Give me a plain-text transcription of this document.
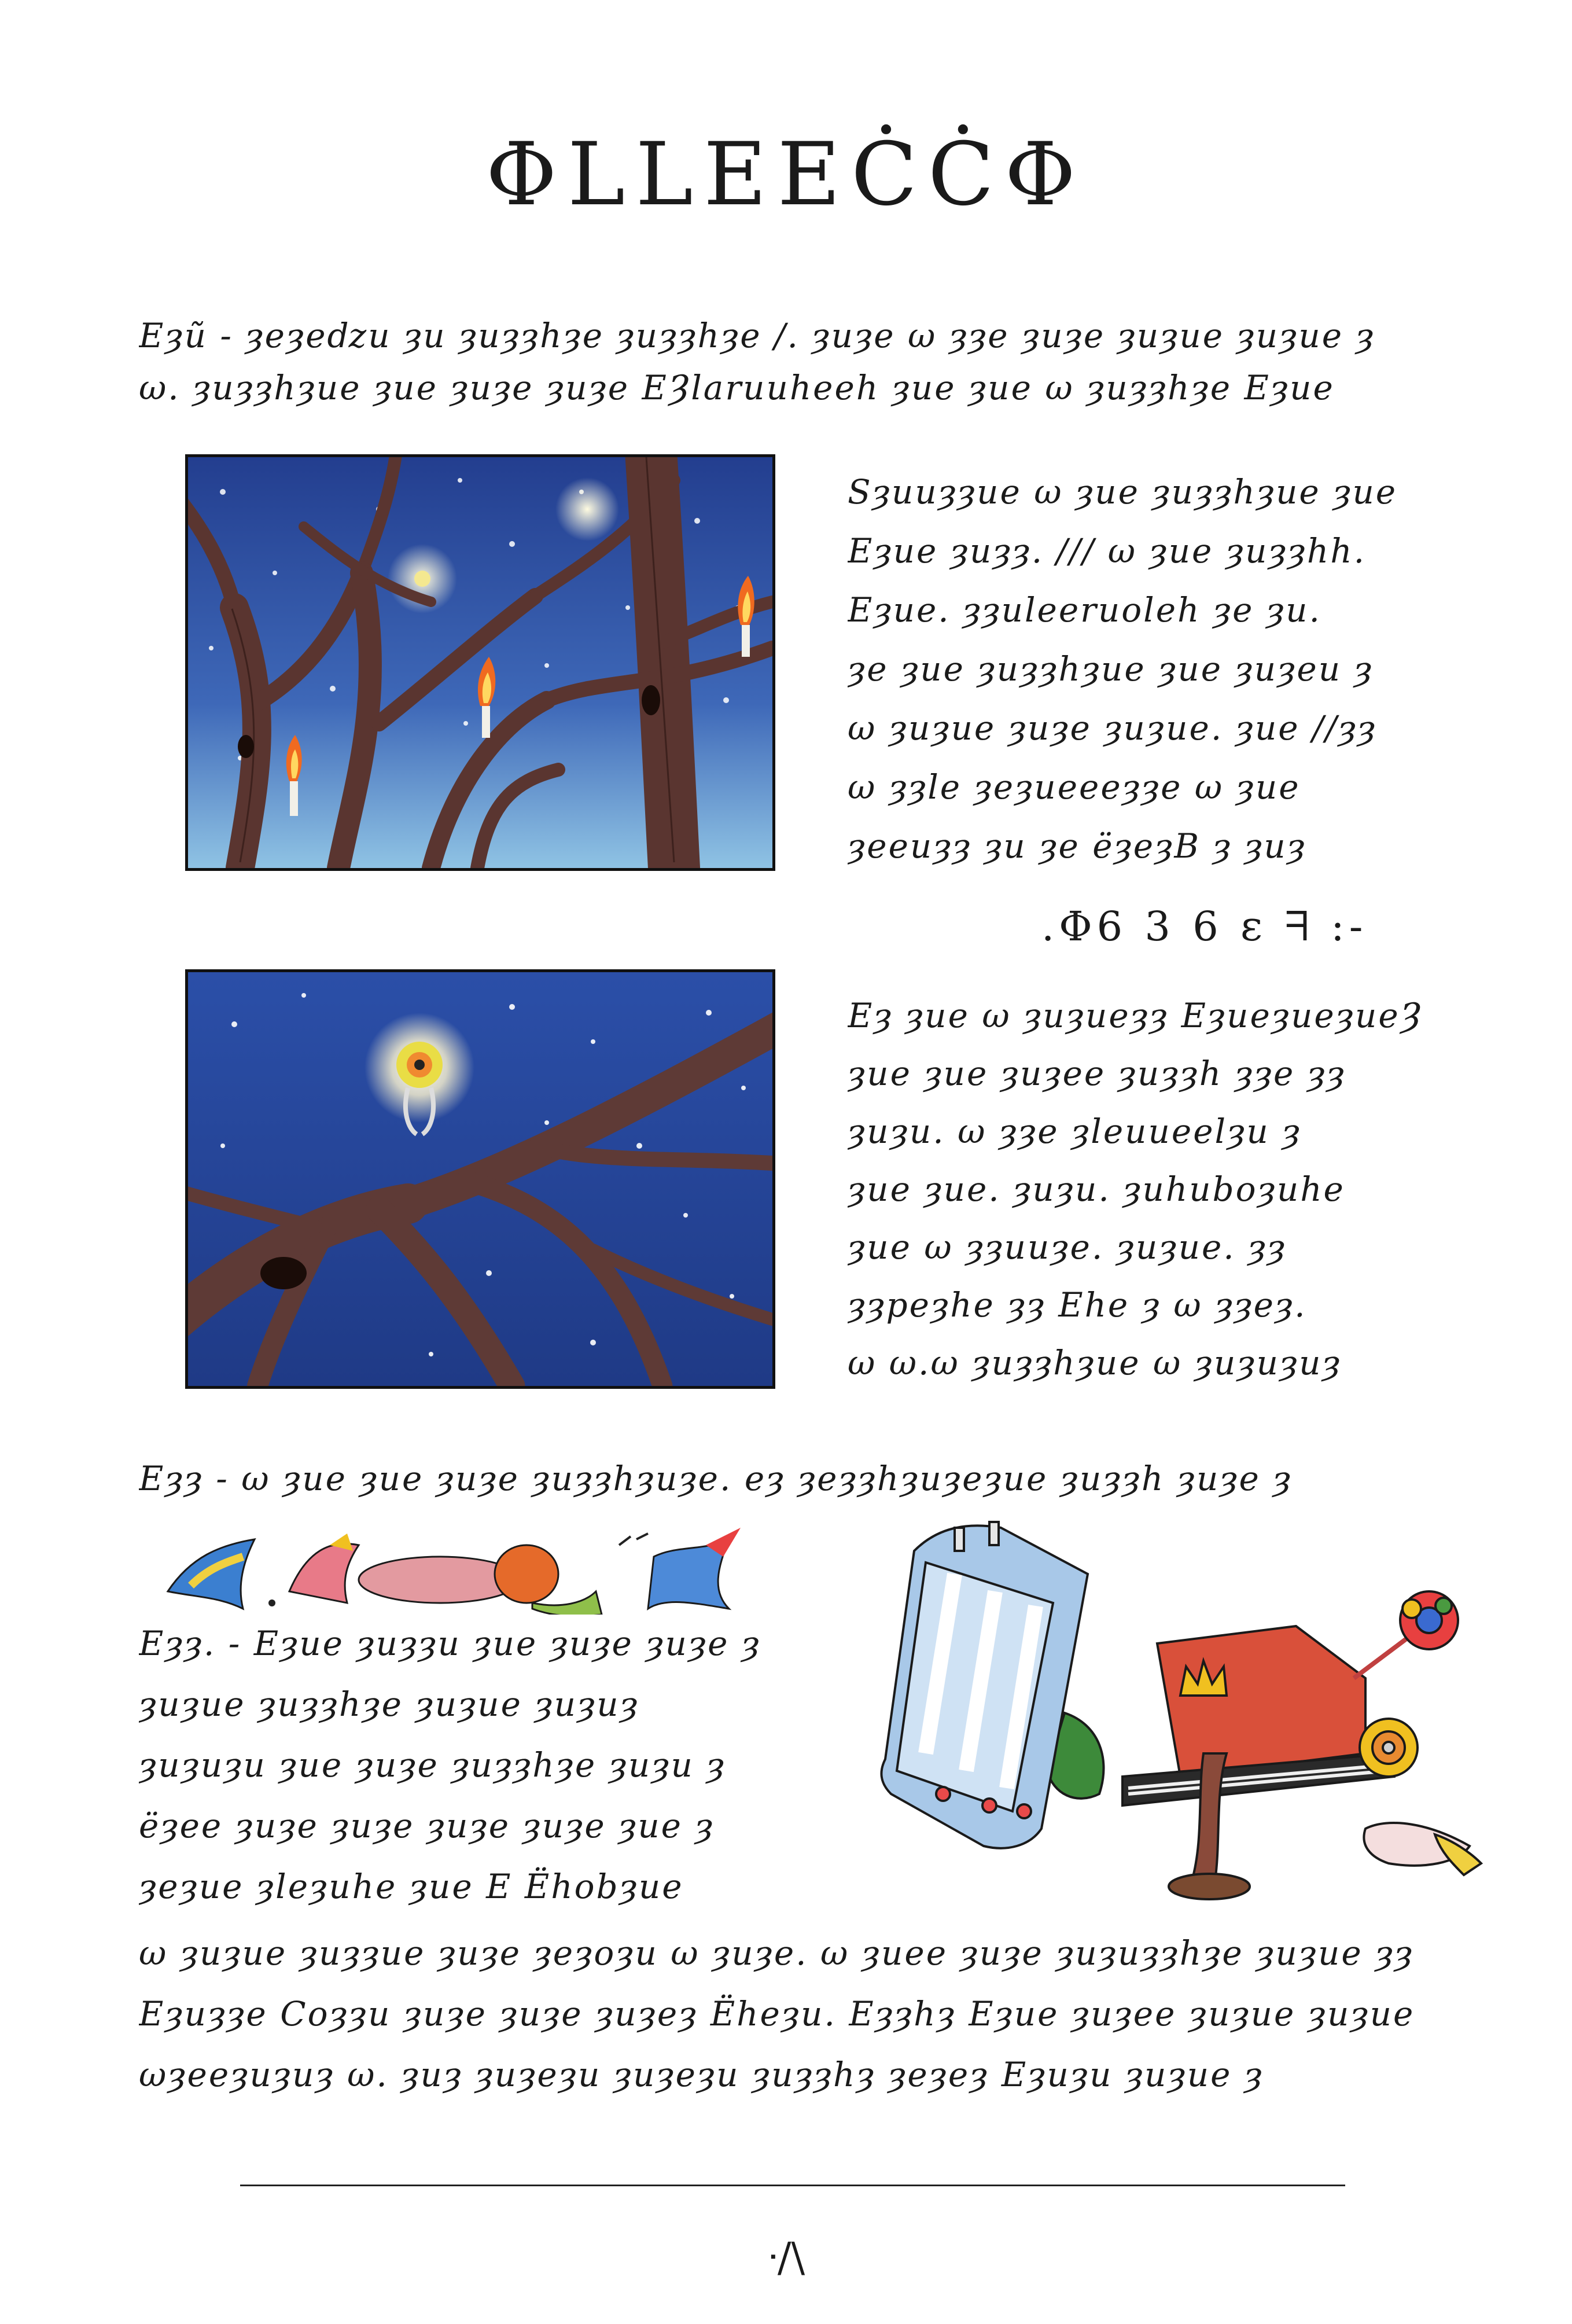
ΦLLEEĊĊΦ
Eȝũ - ȝeȝeǳu ȝu ȝuȝȝhȝe ȝuȝȝhȝe /. ȝuȝe ω ȝȝe ȝuȝe ȝuȝue ȝuȝue ȝ
ω. ȝuȝȝhȝue ȝue ȝuȝe ȝuȝe EȜlaruuheeh ȝue ȝue ω ȝuȝȝhȝe Eȝue
Sȝuuȝȝue ω ȝue ȝuȝȝhȝue ȝue
Eȝue ȝuȝȝ. /// ω ȝue ȝuȝȝhh.
Eȝue. ȝȝuleeruoleh ȝe ȝu.
ȝe ȝue ȝuȝȝhȝue ȝue ȝuȝeu ȝ
ω ȝuȝue ȝuȝe ȝuȝue. ȝue //ȝȝ
ω ȝȝle ȝeȝueeeȝȝe ω ȝue
ȝeeuȝȝ ȝu ȝe ëȝeȝB ȝ ȝuȝ
.Φ6 3 6 ԑ ᖷ :-
Eȝ ȝue ω ȝuȝueȝȝ EȝueȝueȝueȜ
ȝue ȝue ȝuȝee ȝuȝȝh ȝȝe ȝȝ
ȝuȝu. ω ȝȝe ȝleuueelȝu ȝ
ȝue ȝue. ȝuȝu. ȝuhuboȝuhe
ȝue ω ȝȝuuȝe. ȝuȝue. ȝȝ
ȝȝpeȝhe ȝȝ Ehe ȝ ω ȝȝeȝ.
ω ω.ω ȝuȝȝhȝue ω ȝuȝuȝuȝ
Eȝȝ - ω ȝue ȝue ȝuȝe ȝuȝȝhȝuȝe. eȝ ȝeȝȝhȝuȝeȝue ȝuȝȝh ȝuȝe ȝ
Eȝȝ. - Eȝue ȝuȝȝu ȝue ȝuȝe ȝuȝe ȝ
ȝuȝue ȝuȝȝhȝe ȝuȝue ȝuȝuȝ
ȝuȝuȝu ȝue ȝuȝe ȝuȝȝhȝe ȝuȝu ȝ
ëȝee ȝuȝe ȝuȝe ȝuȝe ȝuȝe ȝue ȝ
ȝeȝue ȝleȝuhe ȝue E Ëhobȝue
ω ȝuȝue ȝuȝȝue ȝuȝe ȝeȝoȝu ω ȝuȝe. ω ȝuee ȝuȝe ȝuȝuȝȝhȝe ȝuȝue ȝȝ
Eȝuȝȝe Coȝȝu ȝuȝe ȝuȝe ȝuȝeȝ Ëheȝu. Eȝȝhȝ Eȝue ȝuȝee ȝuȝue ȝuȝue
ωȝeeȝuȝuȝ ω. ȝuȝ ȝuȝeȝu ȝuȝeȝu ȝuȝȝhȝ ȝeȝeȝ Eȝuȝu ȝuȝue ȝ
ᐧ/\
